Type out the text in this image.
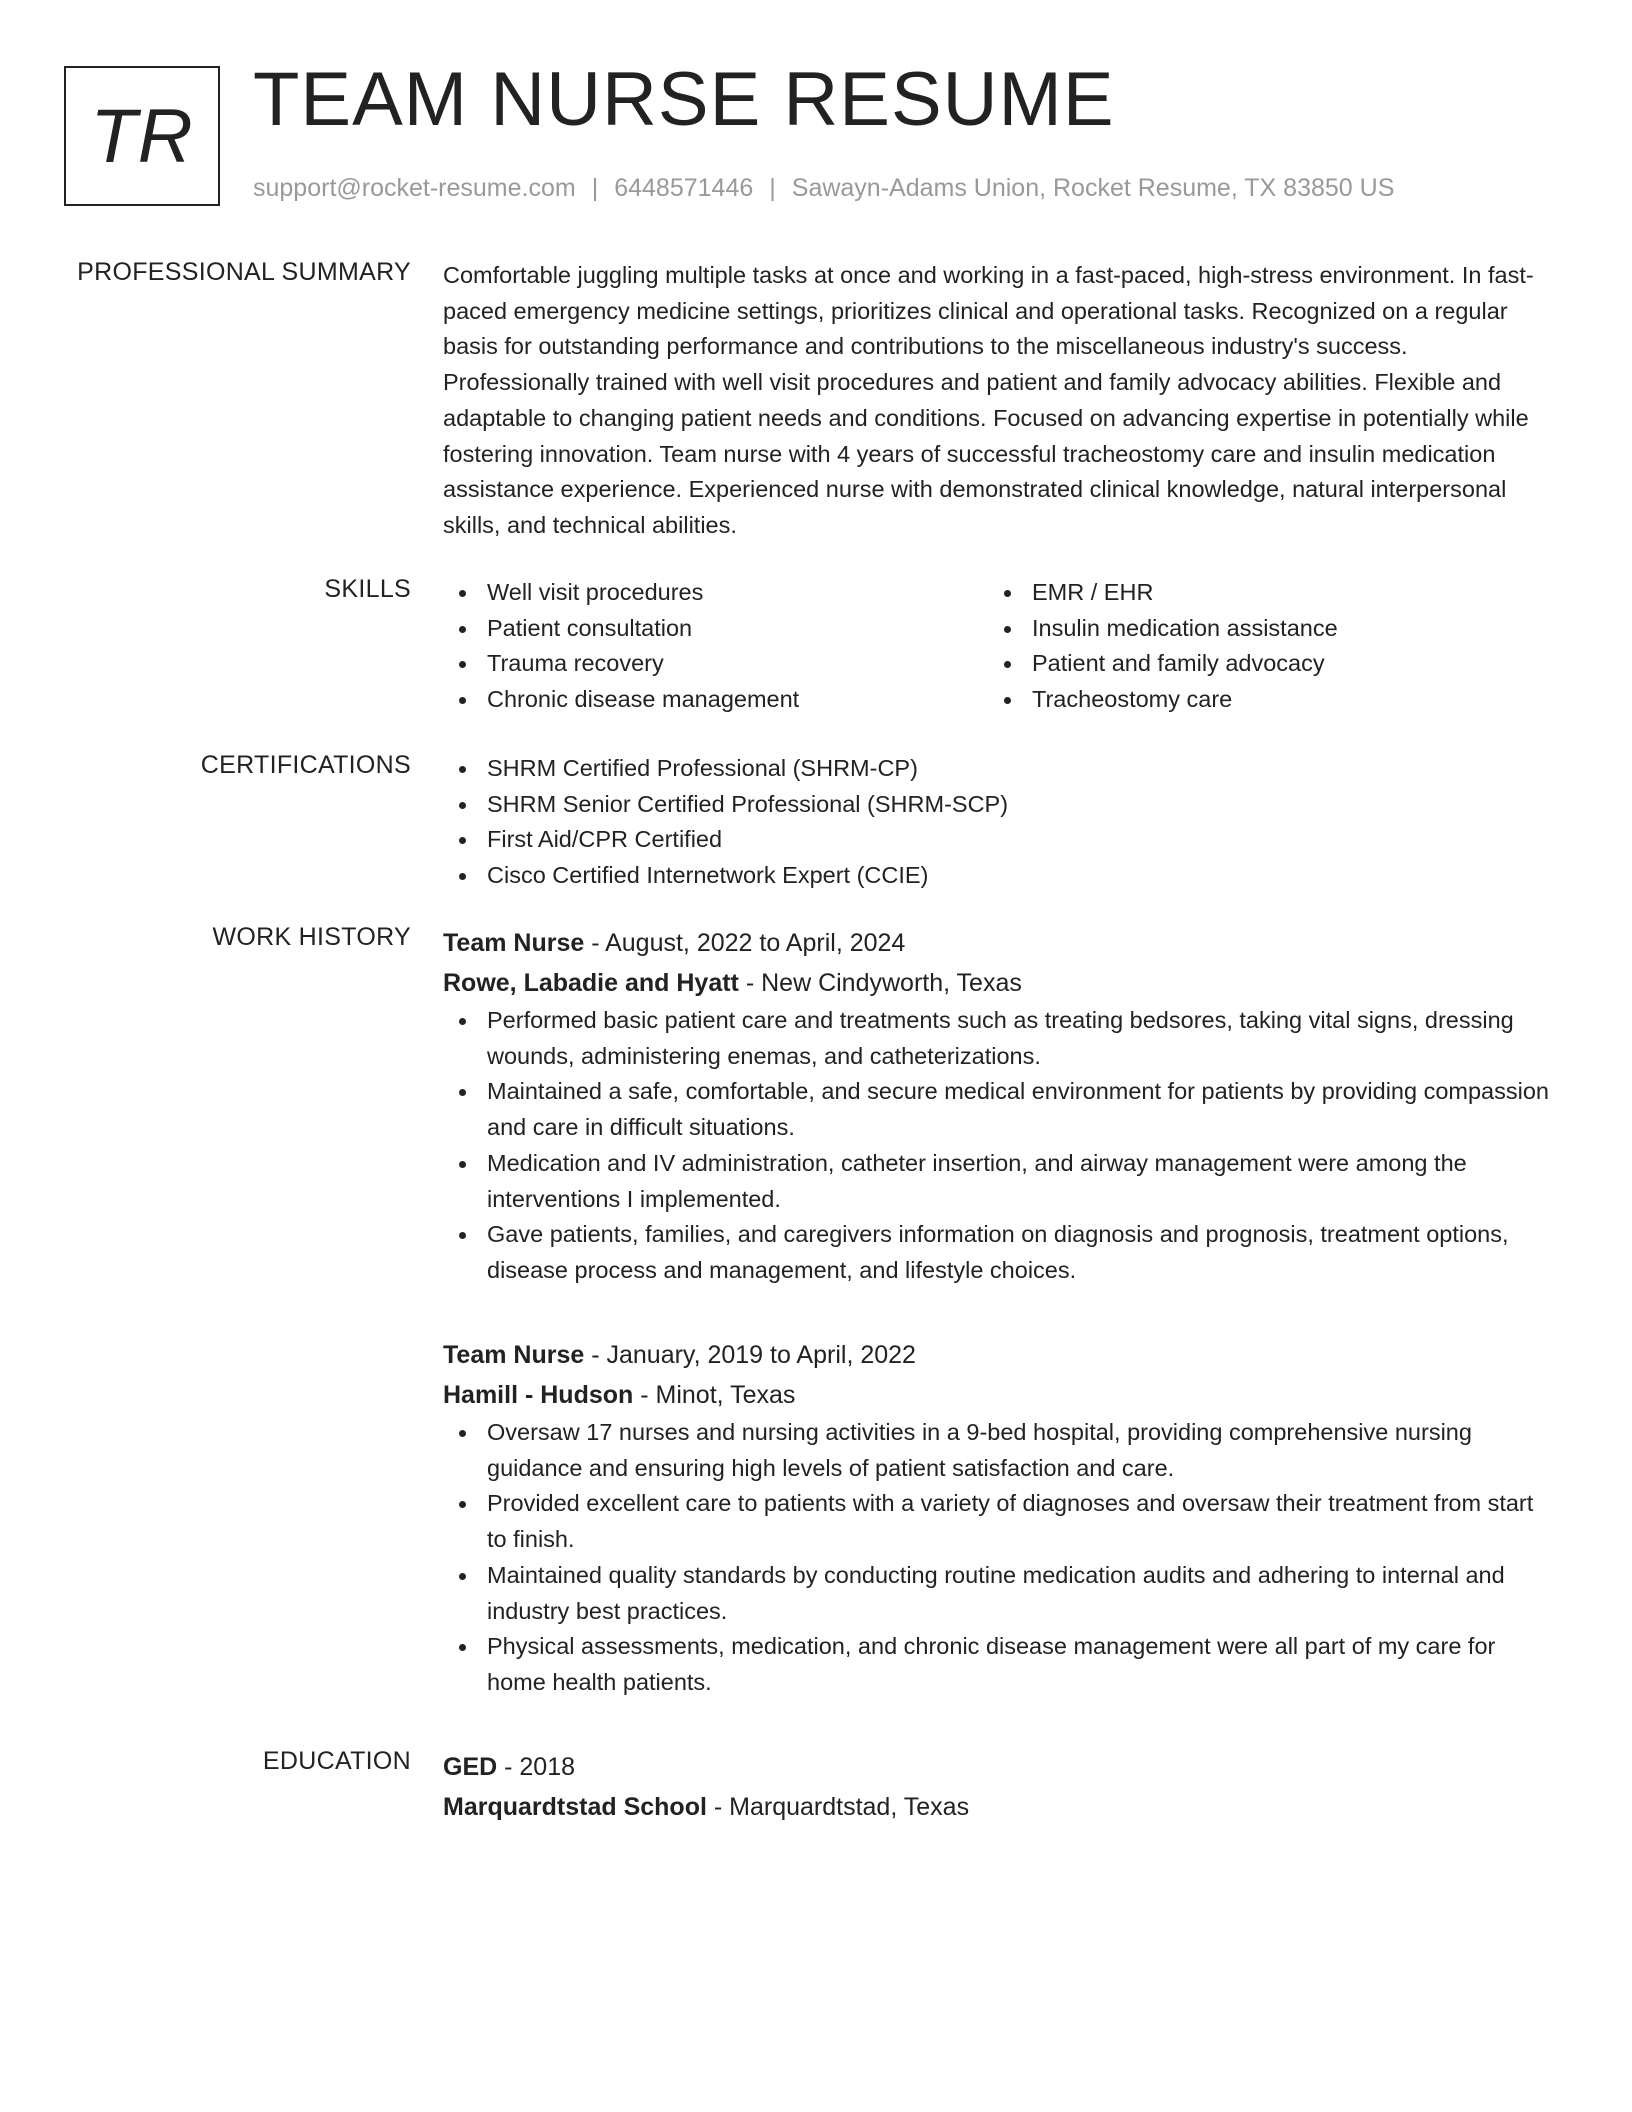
TR TEAM NURSE RESUME
support@rocket-resume.com | 6448571446 | Sawayn-Adams Union, Rocket Resume, TX 83850 US
PROFESSIONAL SUMMARY Comfortable juggling multiple tasks at once and working in a fast-paced, high-stress environment. In fast-paced emergency medicine settings, prioritizes clinical and operational tasks. Recognized on a regular basis for outstanding performance and contributions to the miscellaneous industry's success. Professionally trained with well visit procedures and patient and family advocacy abilities. Flexible and adaptable to changing patient needs and conditions. Focused on advancing expertise in potentially while fostering innovation. Team nurse with 4 years of successful tracheostomy care and insulin medication assistance experience. Experienced nurse with demonstrated clinical knowledge, natural interpersonal skills, and technical abilities.

SKILLS	Well visit procedures
Patient consultation
Trauma recovery
Chronic disease management
EMR / EHR
Insulin medication assistance
Patient and family advocacy
Tracheostomy care
CERTIFICATIONS	SHRM Certified Professional (SHRM-CP)
SHRM Senior Certified Professional (SHRM-SCP)
First Aid/CPR Certified
Cisco Certified Internetwork Expert (CCIE)
WORK HISTORY Team Nurse - August, 2022 to April, 2024
Rowe, Labadie and Hyatt - New Cindyworth, Texas
Performed basic patient care and treatments such as treating bedsores, taking vital signs, dressing wounds, administering enemas, and catheterizations.
Maintained a safe, comfortable, and secure medical environment for patients by providing compassion and care in difficult situations.
Medication and IV administration, catheter insertion, and airway management were among the interventions I implemented.
Gave patients, families, and caregivers information on diagnosis and prognosis, treatment options, disease process and management, and lifestyle choices.
Team Nurse - January, 2019 to April, 2022
Hamill - Hudson - Minot, Texas
Oversaw 17 nurses and nursing activities in a 9-bed hospital, providing comprehensive nursing guidance and ensuring high levels of patient satisfaction and care.
Provided excellent care to patients with a variety of diagnoses and oversaw their treatment from start to finish.
Maintained quality standards by conducting routine medication audits and adhering to internal and industry best practices.
Physical assessments, medication, and chronic disease management were all part of my care for home health patients.
EDUCATION GED - 2018
Marquardtstad School - Marquardtstad, Texas
